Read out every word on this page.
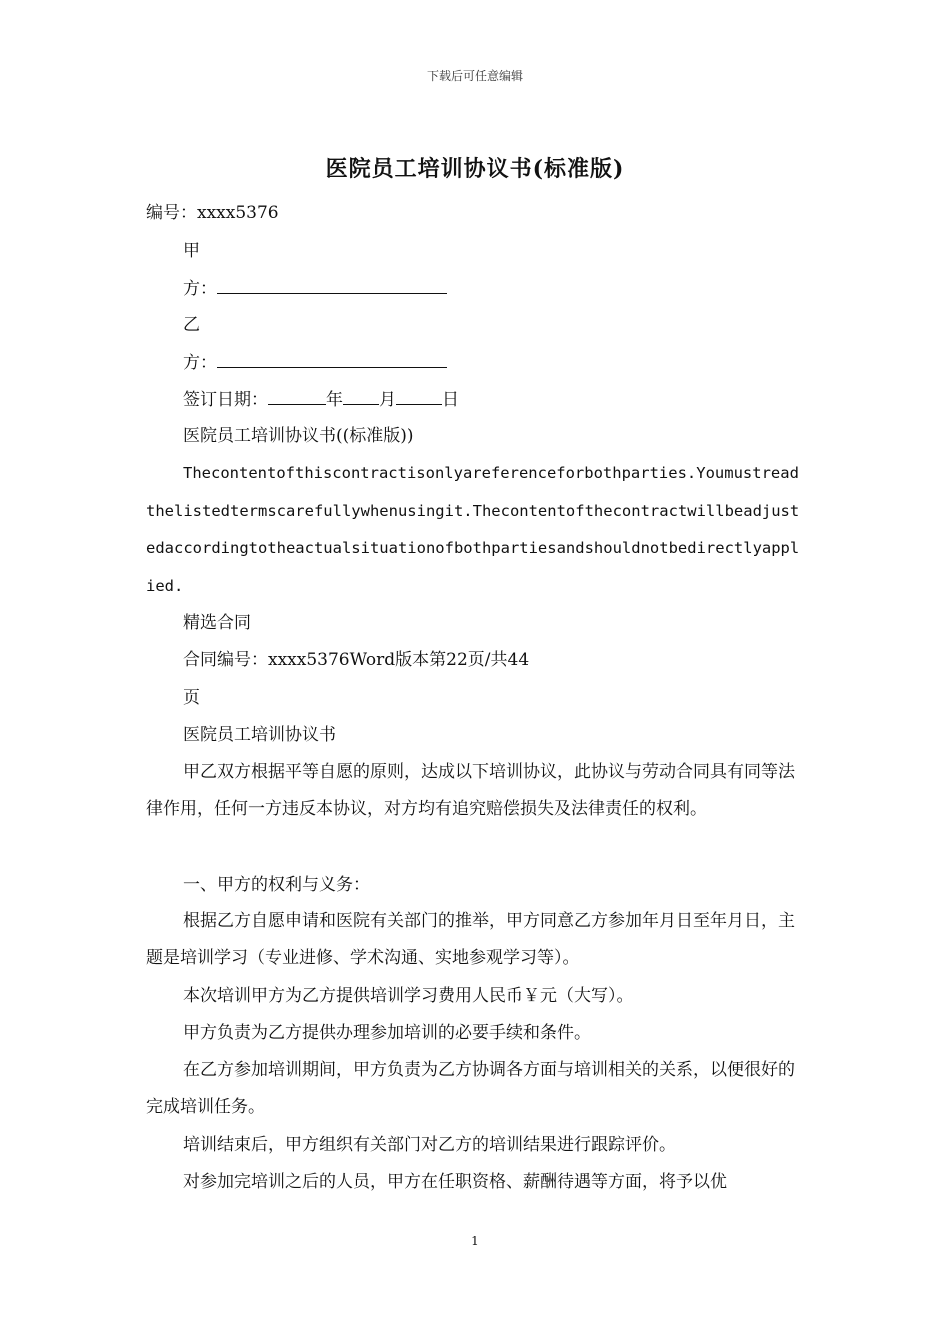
下载后可任意编辑
医院员工培训协议书(标准版)
编号：xxxx5376
甲
方：
乙
方：
签订日期：	年 月	日
医院员工培训协议书((标准版))
Thecontentofthiscontractisonlyareferenceforbothparties.Youmustreadthelistedtermscarefullywhenusingit.Thecontentofthecontractwillbeadjustedaccordingtotheactualsituationofbothpartiesandshouldnotbedirectlyapplied.
精选合同
合同编号：xxxx5376Word版本第22页/共44
页
医院员工培训协议书
甲乙双方根据平等自愿的原则，达成以下培训协议，此协议与劳动合同具有同等法律作用，任何一方违反本协议，对方均有追究赔偿损失及法律责任的权利。
一、甲方的权利与义务：
根据乙方自愿申请和医院有关部门的推举，甲方同意乙方参加年月日至年月日，主题是培训学习（专业进修、学术沟通、实地参观学习等）。
本次培训甲方为乙方提供培训学习费用人民币￥元（大写）。
甲方负责为乙方提供办理参加培训的必要手续和条件。
在乙方参加培训期间，甲方负责为乙方协调各方面与培训相关的关系，以便很好的完成培训任务。
培训结束后，甲方组织有关部门对乙方的培训结果进行跟踪评价。
对参加完培训之后的人员，甲方在任职资格、薪酬待遇等方面，将予以优
1
